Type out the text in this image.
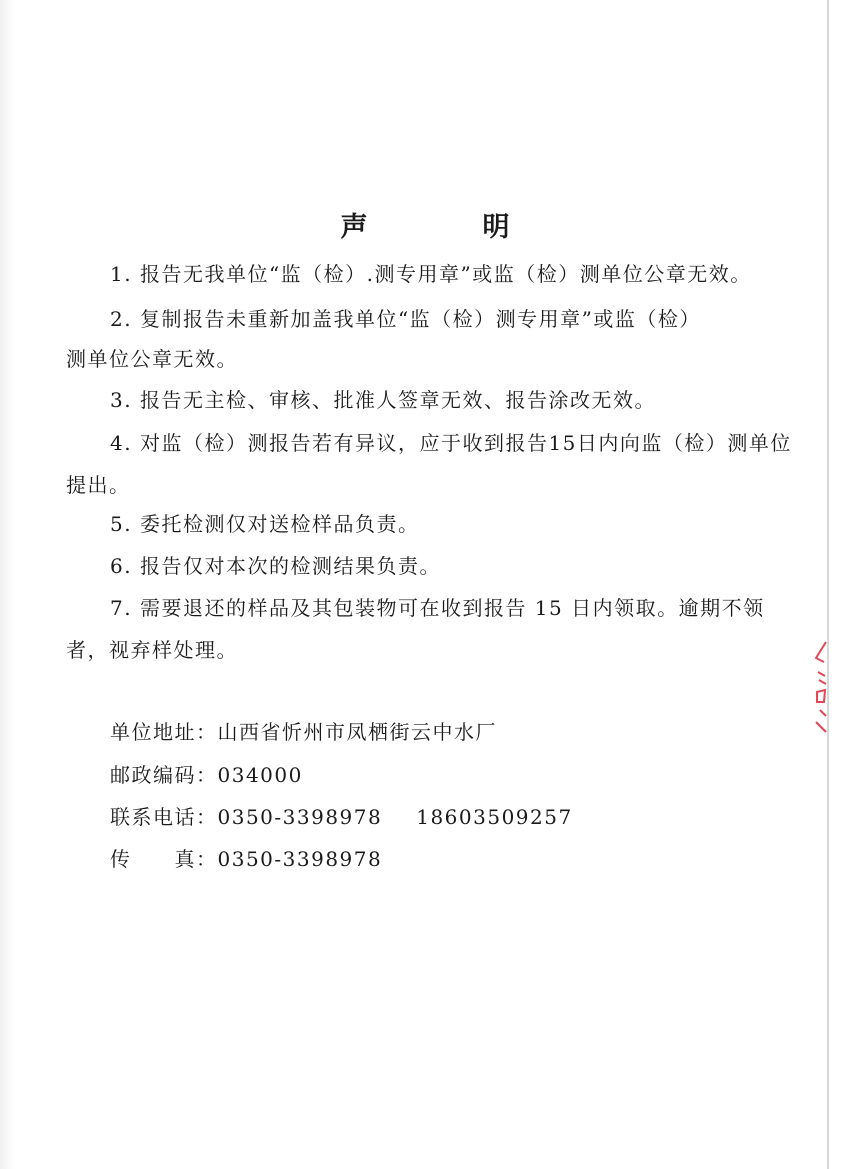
声　明
1. 报告无我单位“监（检）.测专用章”或监（检）测单位公章无效。
2. 复制报告未重新加盖我单位“监（检）测专用章”或监（检）
测单位公章无效。
3. 报告无主检、审核、批准人签章无效、报告涂改无效。
4. 对监（检）测报告若有异议，应于收到报告15日内向监（检）测单位
提出。
5. 委托检测仅对送检样品负责。
6. 报告仅对本次的检测结果负责。
7. 需要退还的样品及其包装物可在收到报告 15 日内领取。逾期不领
者，视弃样处理。
单位地址：山西省忻州市凤栖街云中水厂
邮政编码：034000
联系电话：0350-3398978 18603509257
传　　真：0350-3398978
